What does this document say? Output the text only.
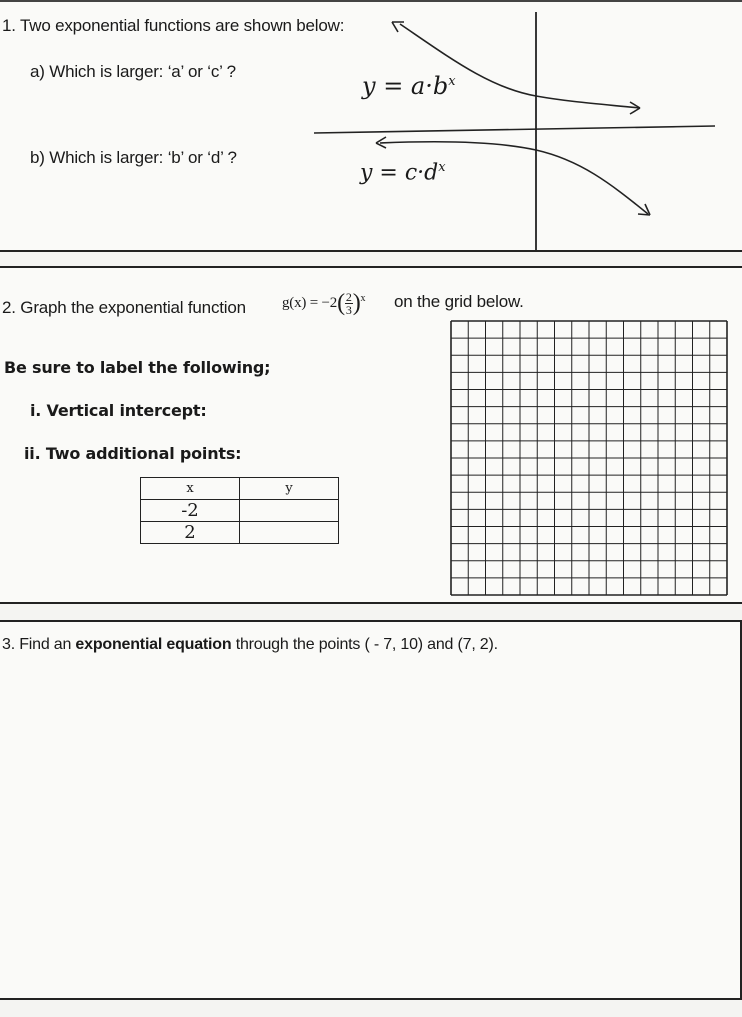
1. Two exponential functions are shown below:
a) Which is larger: ‘a’ or ‘c’ ?
b) Which is larger: ‘b’ or ‘d’ ?
$y = a\cdot b^x$
$y = c\cdot d^x$
2. Graph the exponential function $g(x) = -2( \frac{2}{3} )^x$ on the grid below.
Be sure to label the following;
i. Vertical intercept:
ii. Two additional points:
x	y
-2	
2	
3. Find an exponential equation through the points ( - 7, 10) and (7, 2).
